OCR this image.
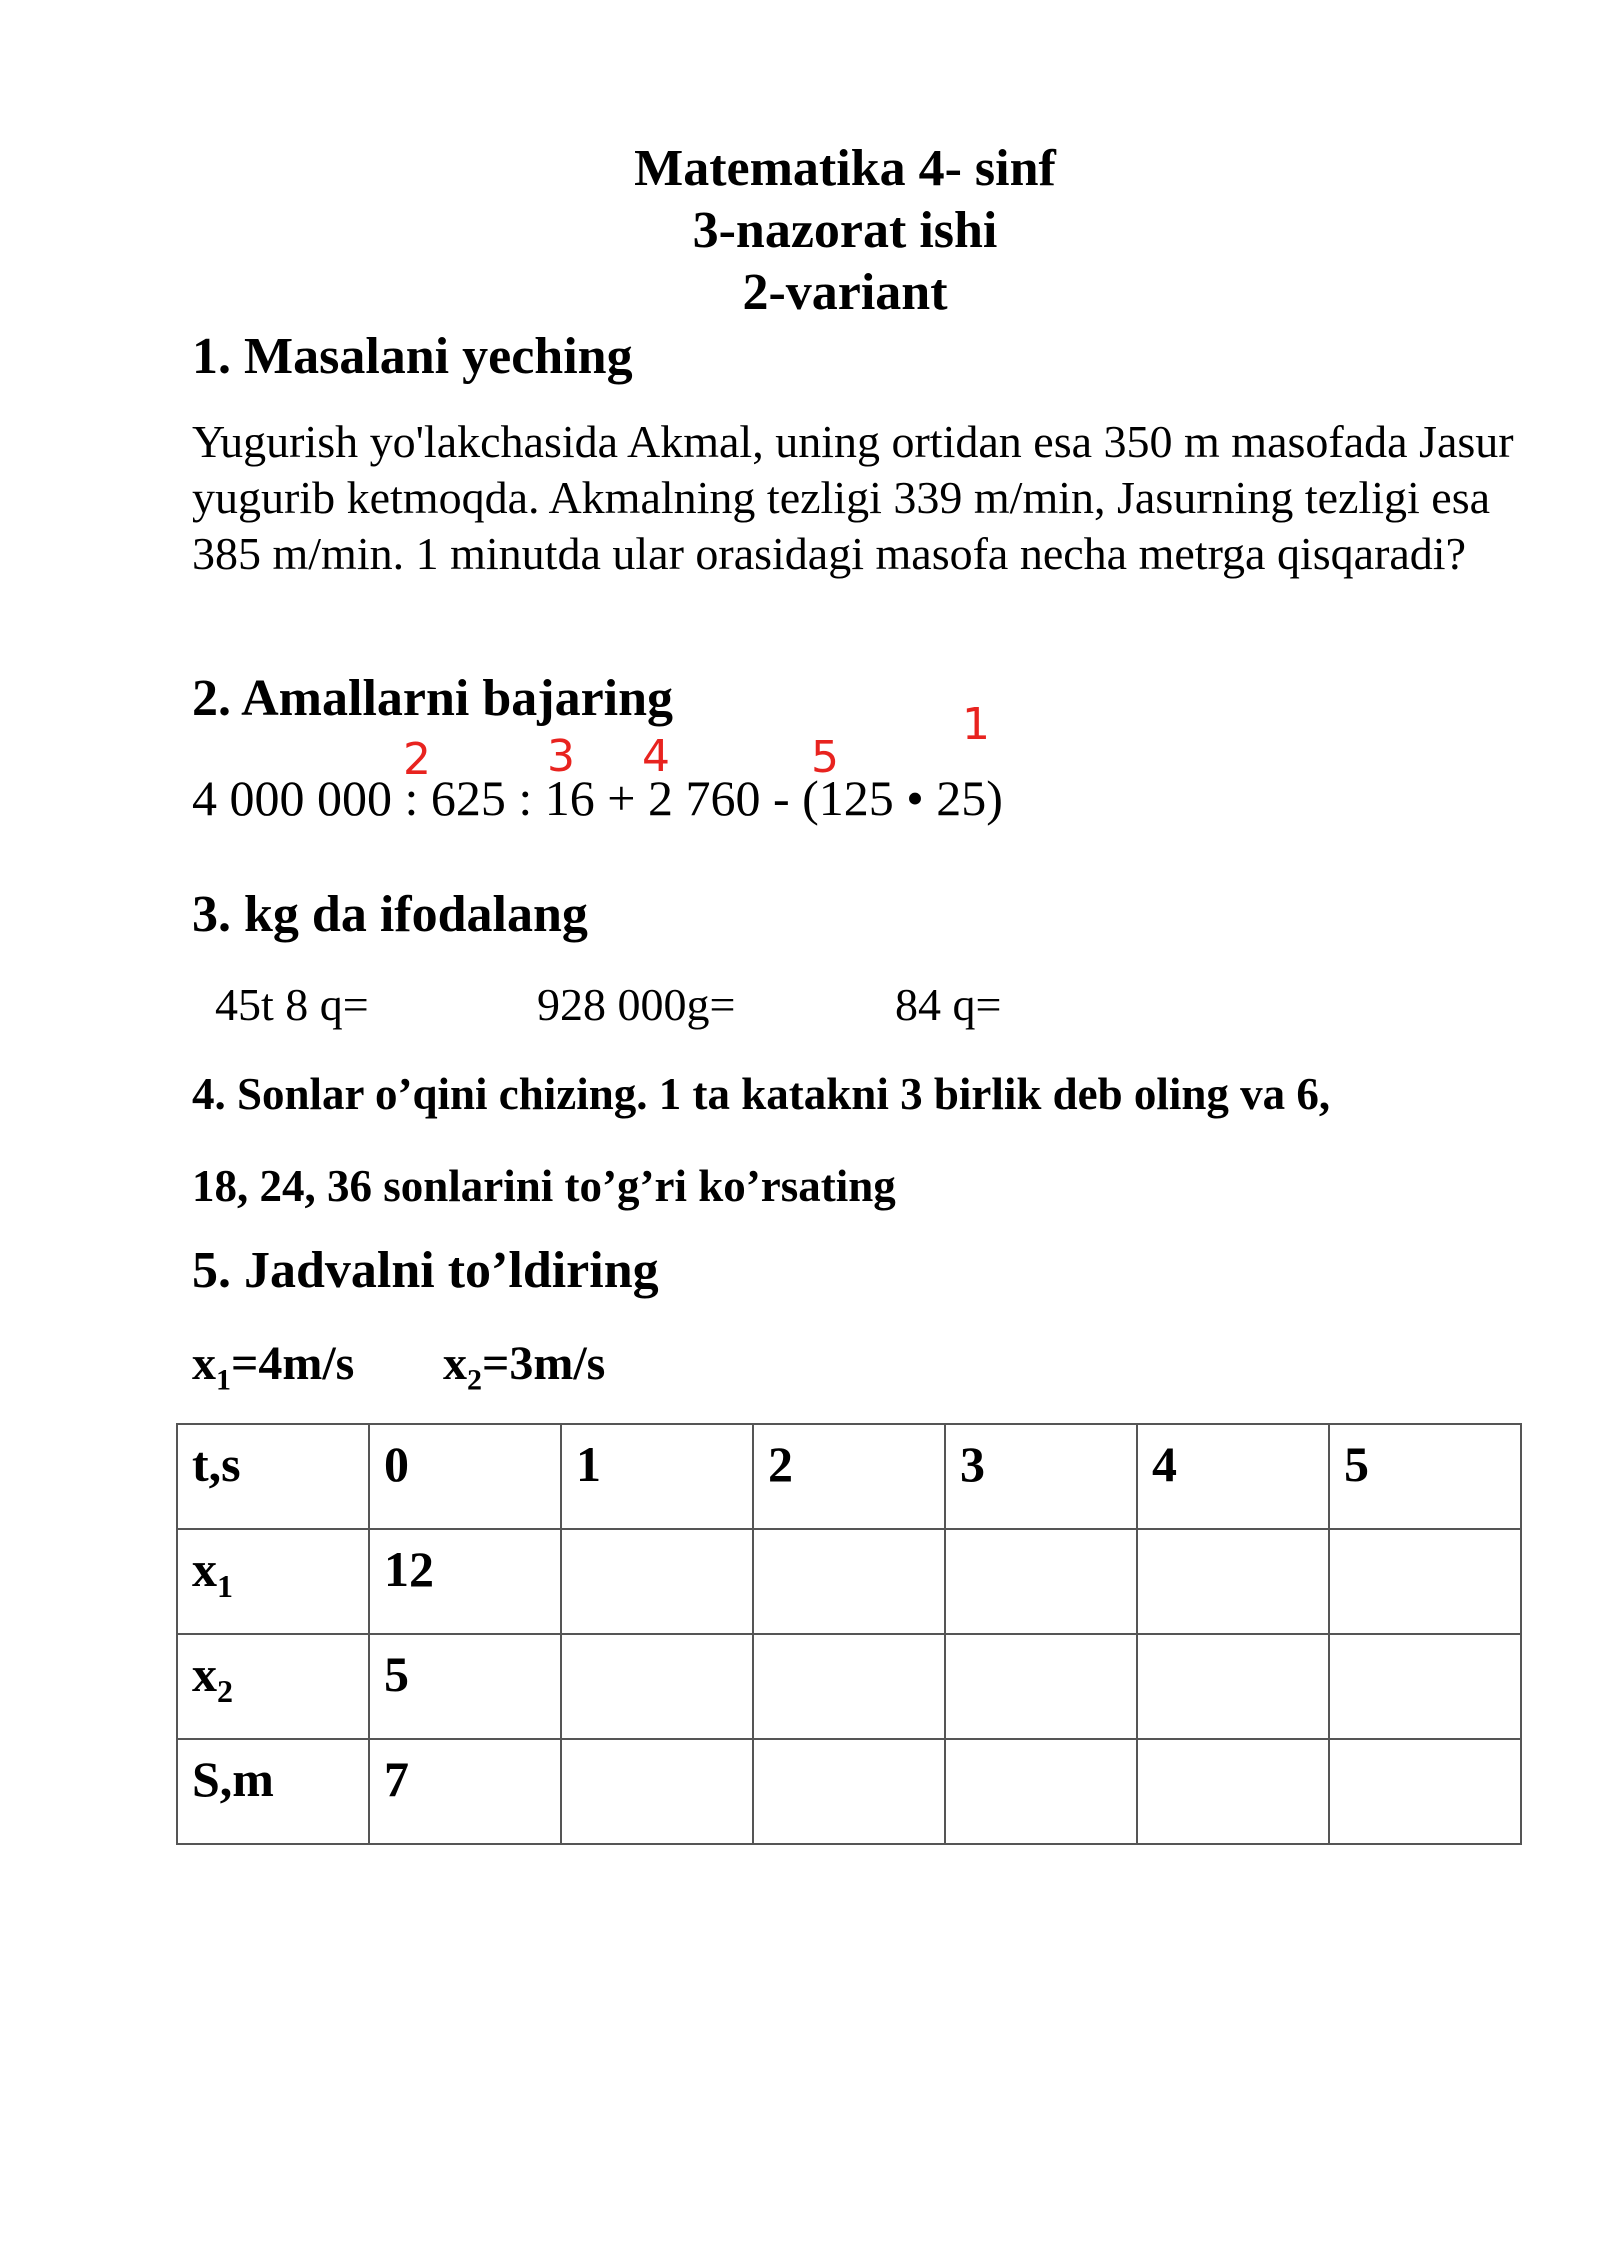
Matematika 4- sinf
3-nazorat ishi
2-variant
1. Masalani yeching

Yugurish yo'lakchasida Akmal, uning ortidan esa 350 m masofada Jasur yugurib ketmoqda. Akmalning tezligi 339 m/min, Jasurning tezligi esa 385 m/min. 1 minutda ular orasidagi masofa necha metrga qisqaradi?

2. Amallarni bajaring	1
2	3 4	5
4 000 000 : 625 : 16 + 2 760 - (125 • 25)
3. kg da ifodalang
45t 8 q=	928 000g=	84 q=
4. Sonlar o’qini chizing. 1 ta katakni 3 birlik deb oling va 6,
18, 24, 36 sonlarini to’g’ri ko’rsating
5. Jadvalni to’ldiring
$x_1=4m/s$ $x_2=3m/s$
t,s	0	1	2	3	4	5
$x_1$	12					
$x_2$	5					
S,m	7					
